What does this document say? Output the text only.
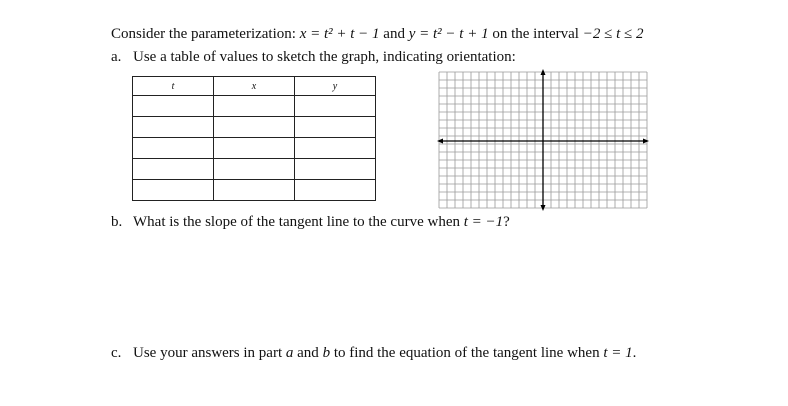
Consider the parameterization: x = t² + t − 1 and y = t² − t + 1 on the interval −2 ≤ t ≤ 2
a. Use a table of values to sketch the graph, indicating orientation:
t	x	y

b. What is the slope of the tangent line to the curve when t = −1?
c. Use your answers in part a and b to find the equation of the tangent line when t = 1.
